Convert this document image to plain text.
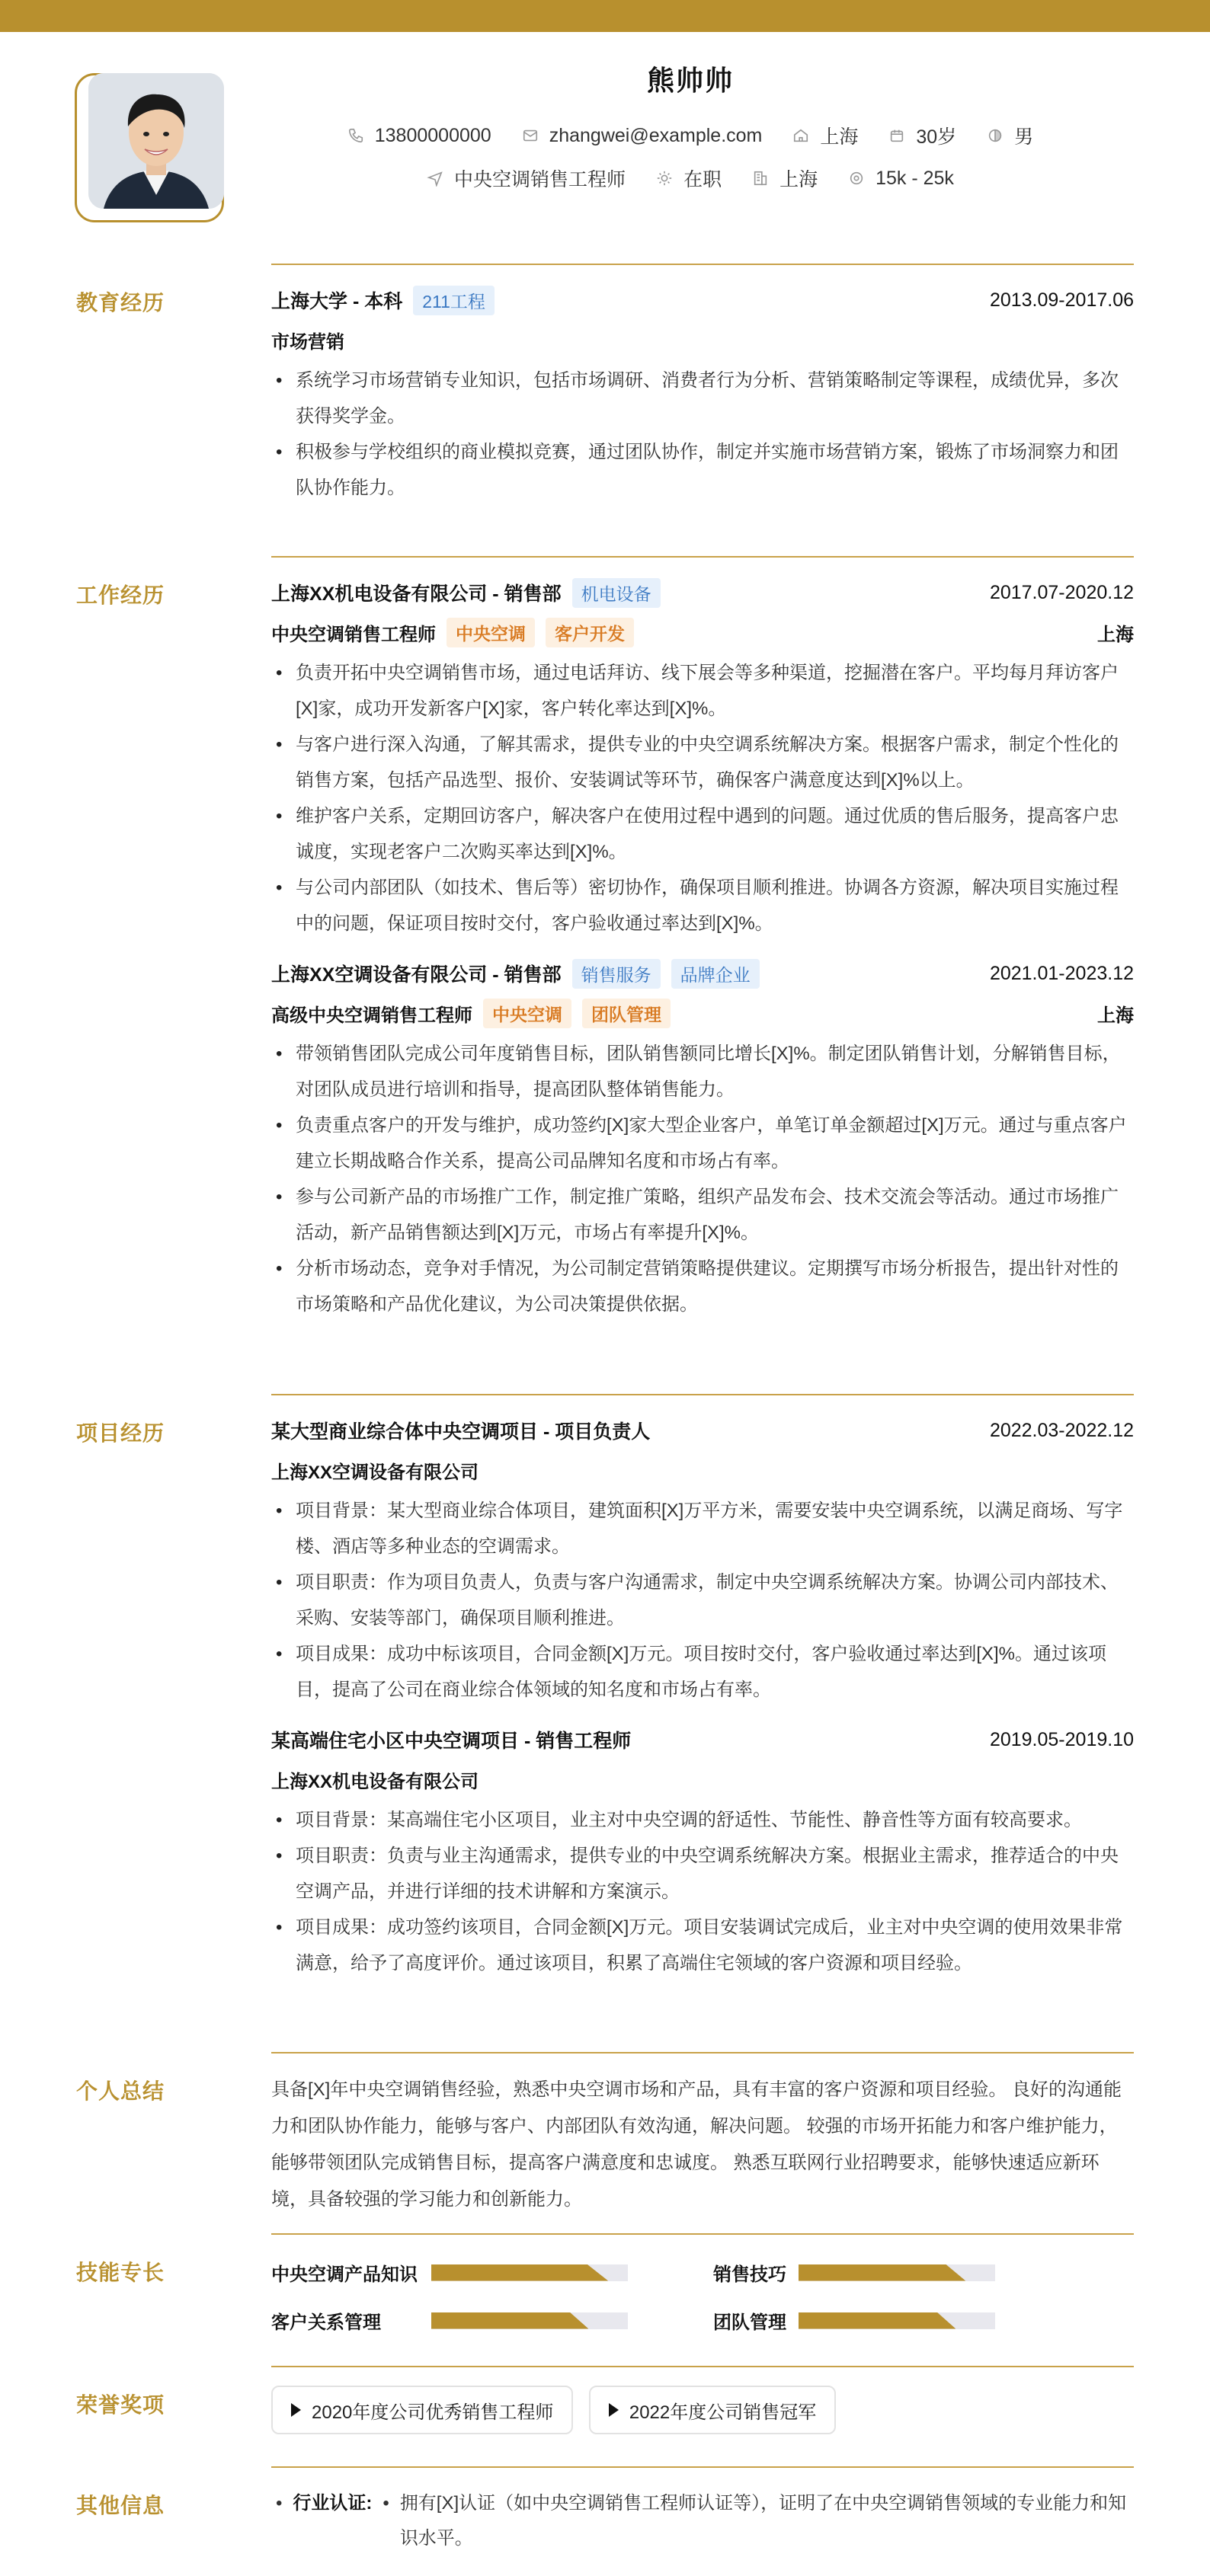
熊帅帅
13800000000	zhangwei@example.com	上海	30岁	男
中央空调销售工程师	在职	上海	15k - 25k
教育经历	上海大学 - 本科	211工程	2013.09-2017.06
市场营销
• 系统学习市场营销专业知识，包括市场调研、消费者行为分析、营销策略制定等课程，成绩优异，多次获得奖学金。
• 积极参与学校组织的商业模拟竞赛，通过团队协作，制定并实施市场营销方案，锻炼了市场洞察力和团队协作能力。
工作经历	上海XX机电设备有限公司 - 销售部	机电设备	2017.07-2020.12
中央空调销售工程师	中央空调	客户开发	上海
• 负责开拓中央空调销售市场，通过电话拜访、线下展会等多种渠道，挖掘潜在客户。平均每月拜访客户[X]家，成功开发新客户[X]家，客户转化率达到[X]%。
• 与客户进行深入沟通，了解其需求，提供专业的中央空调系统解决方案。根据客户需求，制定个性化的销售方案，包括产品选型、报价、安装调试等环节，确保客户满意度达到[X]%以上。
• 维护客户关系，定期回访客户，解决客户在使用过程中遇到的问题。通过优质的售后服务，提高客户忠诚度，实现老客户二次购买率达到[X]%。
• 与公司内部团队（如技术、售后等）密切协作，确保项目顺利推进。协调各方资源，解决项目实施过程中的问题，保证项目按时交付，客户验收通过率达到[X]%。
上海XX空调设备有限公司 - 销售部	销售服务	品牌企业	2021.01-2023.12
高级中央空调销售工程师	中央空调	团队管理	上海
• 带领销售团队完成公司年度销售目标，团队销售额同比增长[X]%。制定团队销售计划，分解销售目标，对团队成员进行培训和指导，提高团队整体销售能力。
• 负责重点客户的开发与维护，成功签约[X]家大型企业客户，单笔订单金额超过[X]万元。通过与重点客户建立长期战略合作关系，提高公司品牌知名度和市场占有率。
• 参与公司新产品的市场推广工作，制定推广策略，组织产品发布会、技术交流会等活动。通过市场推广活动，新产品销售额达到[X]万元，市场占有率提升[X]%。
• 分析市场动态，竞争对手情况，为公司制定营销策略提供建议。定期撰写市场分析报告，提出针对性的市场策略和产品优化建议，为公司决策提供依据。
项目经历	某大型商业综合体中央空调项目 - 项目负责人	2022.03-2022.12
上海XX空调设备有限公司
• 项目背景：某大型商业综合体项目，建筑面积[X]万平方米，需要安装中央空调系统，以满足商场、写字楼、酒店等多种业态的空调需求。
• 项目职责：作为项目负责人，负责与客户沟通需求，制定中央空调系统解决方案。协调公司内部技术、采购、安装等部门，确保项目顺利推进。
• 项目成果：成功中标该项目，合同金额[X]万元。项目按时交付，客户验收通过率达到[X]%。通过该项目，提高了公司在商业综合体领域的知名度和市场占有率。
某高端住宅小区中央空调项目 - 销售工程师	2019.05-2019.10
上海XX机电设备有限公司
• 项目背景：某高端住宅小区项目，业主对中央空调的舒适性、节能性、静音性等方面有较高要求。
• 项目职责：负责与业主沟通需求，提供专业的中央空调系统解决方案。根据业主需求，推荐适合的中央空调产品，并进行详细的技术讲解和方案演示。
• 项目成果：成功签约该项目，合同金额[X]万元。项目安装调试完成后，业主对中央空调的使用效果非常满意，给予了高度评价。通过该项目，积累了高端住宅领域的客户资源和项目经验。
个人总结	具备[X]年中央空调销售经验，熟悉中央空调市场和产品，具有丰富的客户资源和项目经验。 良好的沟通能力和团队协作能力，能够与客户、内部团队有效沟通，解决问题。 较强的市场开拓能力和客户维护能力，能够带领团队完成销售目标，提高客户满意度和忠诚度。 熟悉互联网行业招聘要求，能够快速适应新环境，具备较强的学习能力和创新能力。
技能专长	中央空调产品知识	销售技巧
客户关系管理	团队管理
荣誉奖项	2020年度公司优秀销售工程师
	2022年度公司销售冠军
其他信息	• 行业认证: • 拥有[X]认证（如中央空调销售工程师认证等），证明了在中央空调销售领域的专业能力和知识水平。
